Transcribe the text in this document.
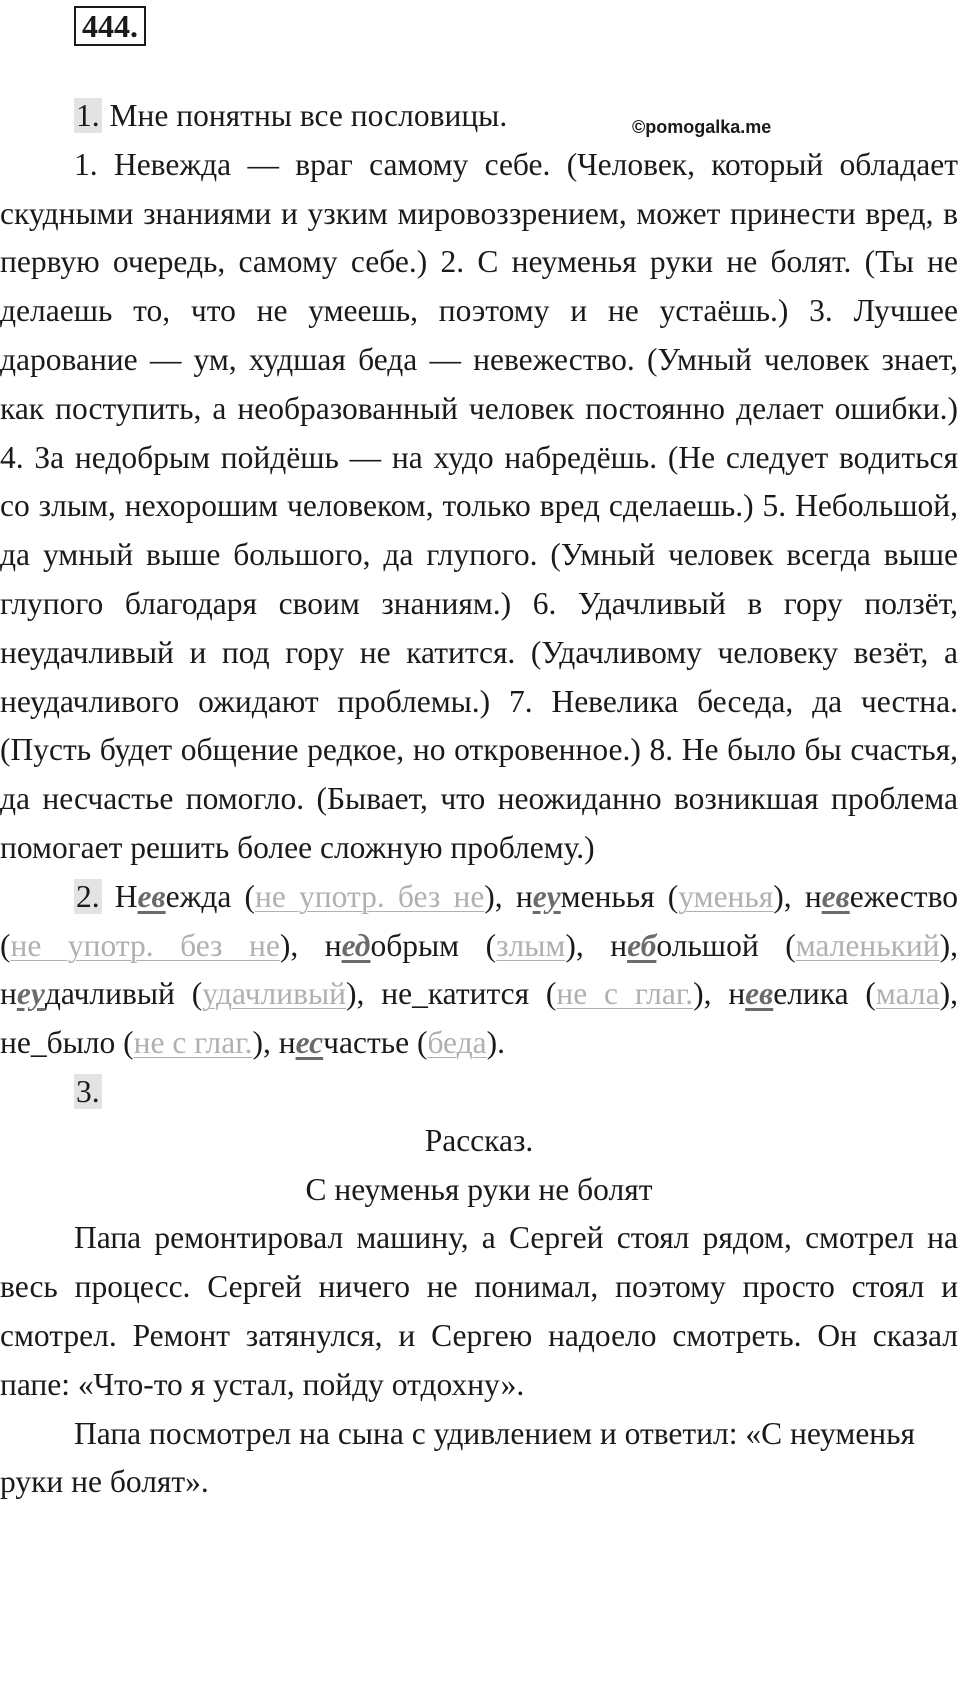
444.
©pomogalka.me

1. Мне понятны все пословицы.

1. Невежда — враг самому себе. (Человек, который обладает скудными знаниями и узким мировоззрением, может принести вред, в первую очередь, самому себе.) 2. С неуменья руки не болят. (Ты не делаешь то, что не умеешь, поэтому и не устаёшь.) 3. Лучшее дарование — ум, худшая беда — невежество. (Умный человек знает, как поступить, а необразованный человек постоянно делает ошибки.) 4. За недобрым пойдёшь — на худо набредёшь. (Не следует водиться со злым, нехорошим человеком, только вред сделаешь.) 5. Небольшой, да умный выше большого, да глупого. (Умный человек всегда выше глупого благодаря своим знаниям.) 6. Удачливый в гору ползёт, неудачливый и под гору не катится. (Удачливому человеку везёт, а неудачливого ожидают проблемы.) 7. Невелика беседа, да честна. (Пусть будет общение редкое, но откровенное.) 8. Не было бы счастья, да несчастье помогло. (Бывает, что неожиданно возникшая проблема помогает решить более сложную проблему.)

2. Невежда (не употр. без не), неуменьья (уменья), невежество (не употр. без не), недобрым (злым), небольшой (маленький), неудачливый (удачливый), не_катится (не с глаг.), невелика (мала), не_было (не с глаг.), несчастье (беда).

3.

Рассказ.

С неуменья руки не болят

Папа ремонтировал машину, а Сергей стоял рядом, смотрел на весь процесс. Сергей ничего не понимал, поэтому просто стоял и смотрел. Ремонт затянулся, и Сергею надоело смотреть. Он сказал папе: «Что-то я устал, пойду отдохну».

Папа посмотрел на сына с удивлением и ответил: «С неуменья руки не болят».
